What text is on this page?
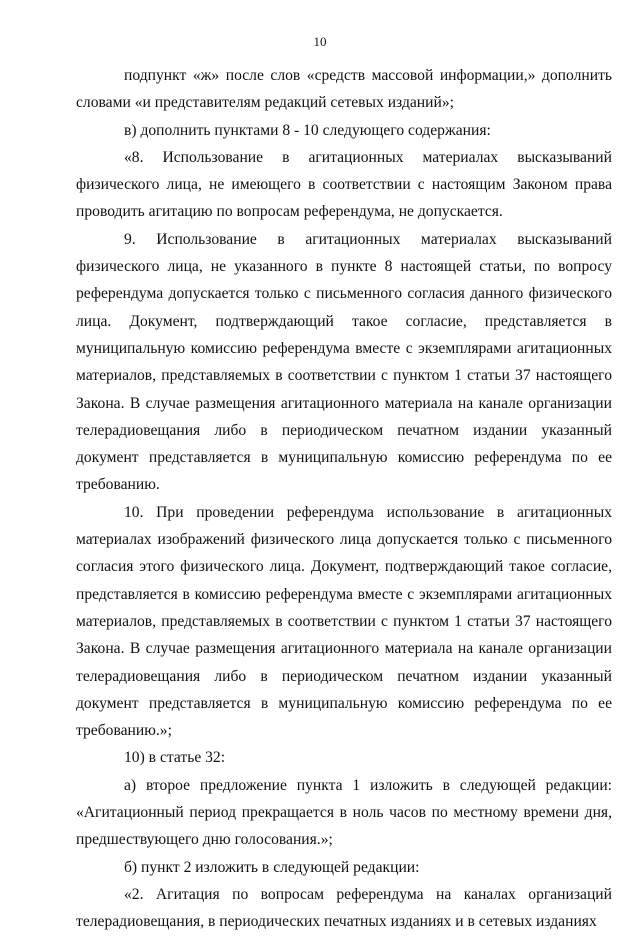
10

подпункт «ж» после слов «средств массовой информации,» дополнить словами «и представителям редакций сетевых изданий»;

в) дополнить пунктами 8 - 10 следующего содержания:

«8. Использование в агитационных материалах высказываний физического лица, не имеющего в соответствии с настоящим Законом права проводить агитацию по вопросам референдума, не допускается.

9. Использование в агитационных материалах высказываний физического лица, не указанного в пункте 8 настоящей статьи, по вопросу референдума допускается только с письменного согласия данного физического лица. Документ, подтверждающий такое согласие, представляется в муниципальную комиссию референдума вместе с экземплярами агитационных материалов, представляемых в соответствии с пунктом 1 статьи 37 настоящего Закона. В случае размещения агитационного материала на канале организации телерадиовещания либо в периодическом печатном издании указанный документ представляется в муниципальную комиссию референдума по ее требованию.

10. При проведении референдума использование в агитационных материалах изображений физического лица допускается только с письменного согласия этого физического лица. Документ, подтверждающий такое согласие, представляется в комиссию референдума вместе с экземплярами агитационных материалов, представляемых в соответствии с пунктом 1 статьи 37 настоящего Закона. В случае размещения агитационного материала на канале организации телерадиовещания либо в периодическом печатном издании указанный документ представляется в муниципальную комиссию референдума по ее требованию.»;

10) в статье 32:

а) второе предложение пункта 1 изложить в следующей редакции: «Агитационный период прекращается в ноль часов по местному времени дня, предшествующего дню голосования.»;

б) пункт 2 изложить в следующей редакции:

«2. Агитация по вопросам референдума на каналах организаций телерадиовещания, в периодических печатных изданиях и в сетевых изданиях
